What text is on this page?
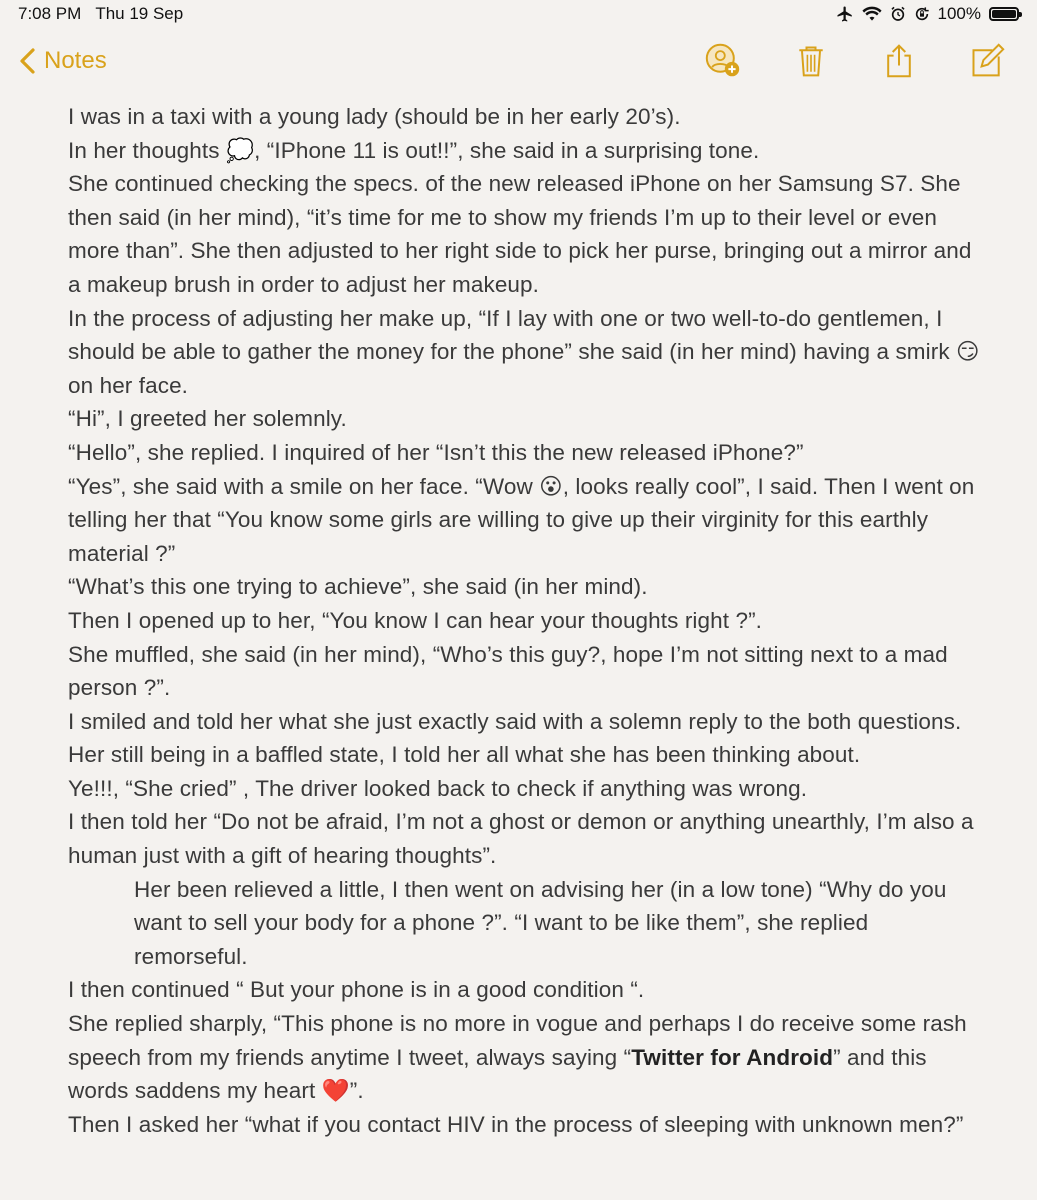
7:08 PM Thu 19 Sep	100%
Notes

I was in a taxi with a young lady (should be in her early 20’s).

In her thoughts 💭, “IPhone 11 is out!!”, she said in a surprising tone.

She continued checking the specs. of the new released iPhone on her Samsung S7. She then said (in her mind), “it’s time for me to show my friends I’m up to their level or even more than”. She then adjusted to her right side to pick her purse, bringing out a mirror and a makeup brush in order to adjust her makeup.

In the process of adjusting her make up, “If I lay with one or two well-to-do gentlemen, I should be able to gather the money for the phone” she said (in her mind) having a smirk 😏 on her face.

“Hi”, I greeted her solemnly.

“Hello”, she replied. I inquired of her “Isn’t this the new released iPhone?”

“Yes”, she said with a smile on her face. “Wow 😮, looks really cool”, I said. Then I went on telling her that “You know some girls are willing to give up their virginity for this earthly material ?”

“What’s this one trying to achieve”, she said (in her mind).

Then I opened up to her, “You know I can hear your thoughts right ?”.

She muffled, she said (in her mind), “Who’s this guy?, hope I’m not sitting next to a mad person ?”.

I smiled and told her what she just exactly said with a solemn reply to the both questions. Her still being in a baffled state, I told her all what she has been thinking about.

Ye!!!, “She cried” , The driver looked back to check if anything was wrong.

I then told her “Do not be afraid, I’m not a ghost or demon or anything unearthly, I’m also a human just with a gift of hearing thoughts”.

Her been relieved a little, I then went on advising her (in a low tone) “Why do you want to sell your body for a phone ?”. “I want to be like them”, she replied remorseful.

I then continued “ But your phone is in a good condition “.

She replied sharply, “This phone is no more in vogue and perhaps I do receive some rash speech from my friends anytime I tweet, always saying “Twitter for Android” and this words saddens my heart ❤️”.

Then I asked her “what if you contact HIV in the process of sleeping with unknown men?”
